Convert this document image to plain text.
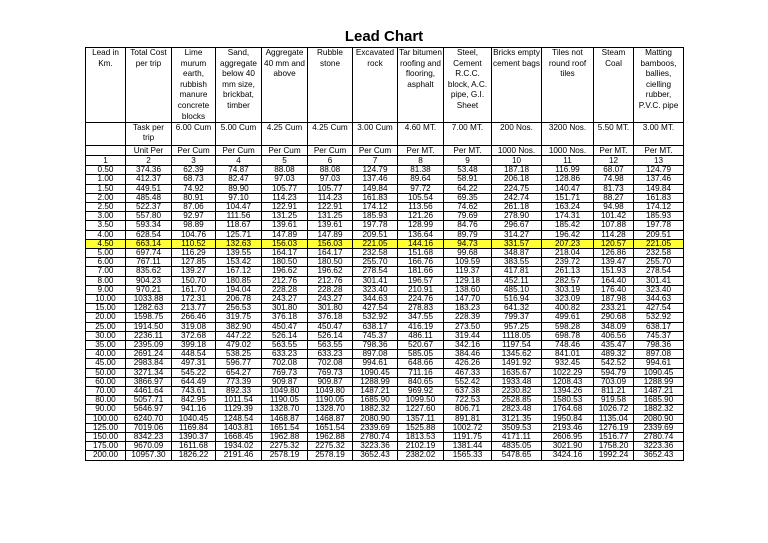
Lead Chart
Lead in Km.	Total Cost per trip	Lime murum earth, rubbish manure concrete blocks	Sand, aggregate below 40 mm size, brickbat, timber	Aggregate 40 mm and above	Rubble stone	Excavated rock	Tar bitumen roofing and flooring, asphalt	Steel, Cement R.C.C. block, A.C. pipe, G.I. Sheet	Bricks empty cement bags	Tiles not round roof tiles	Steam Coal	Matting bamboos, ballies, cielling rubber, P.V.C. pipe
	Task per trip	6.00 Cum	5.00 Cum	4.25 Cum	4.25 Cum	3.00 Cum	4.60 MT.	7.00 MT.	200 Nos.	3200 Nos.	5.50 MT.	3.00 MT.
	Unit Per	Per Cum	Per Cum	Per Cum	Per Cum	Per Cum	Per MT.	Per MT.	1000 Nos.	1000 Nos.	Per MT.	Per MT.
1	2	3	4	5	6	7	8	9	10	11	12	13
0.50	374.36	62.39	74.87	88.08	88.08	124.79	81.38	53.48	187.18	116.99	68.07	124.79
1.00	412.37	68.73	82.47	97.03	97.03	137.46	89.64	58.91	206.18	128.86	74.98	137.46
1.50	449.51	74.92	89.90	105.77	105.77	149.84	97.72	64.22	224.75	140.47	81.73	149.84
2.00	485.48	80.91	97.10	114.23	114.23	161.83	105.54	69.35	242.74	151.71	88.27	161.83
2.50	522.37	87.06	104.47	122.91	122.91	174.12	113.56	74.62	261.18	163.24	94.98	174.12
3.00	557.80	92.97	111.56	131.25	131.25	185.93	121.26	79.69	278.90	174.31	101.42	185.93
3.50	593.34	98.89	118.67	139.61	139.61	197.78	128.99	84.76	296.67	185.42	107.88	197.78
4.00	628.54	104.76	125.71	147.89	147.89	209.51	136.64	89.79	314.27	196.42	114.28	209.51
4.50	663.14	110.52	132.63	156.03	156.03	221.05	144.16	94.73	331.57	207.23	120.57	221.05
5.00	697.74	116.29	139.55	164.17	164.17	232.58	151.68	99.68	348.87	218.04	126.86	232.58
6.00	767.11	127.85	153.42	180.50	180.50	255.70	166.76	109.59	383.55	239.72	139.47	255.70
7.00	835.62	139.27	167.12	196.62	196.62	278.54	181.66	119.37	417.81	261.13	151.93	278.54
8.00	904.23	150.70	180.85	212.76	212.76	301.41	196.57	129.18	452.11	282.57	164.40	301.41
9.00	970.21	161.70	194.04	228.28	228.28	323.40	210.91	138.60	485.10	303.19	176.40	323.40
10.00	1033.88	172.31	206.78	243.27	243.27	344.63	224.76	147.70	516.94	323.09	187.98	344.63
15.00	1282.63	213.77	256.53	301.80	301.80	427.54	278.83	183.23	641.32	400.82	233.21	427.54
20.00	1598.75	266.46	319.75	376.18	376.18	532.92	347.55	228.39	799.37	499.61	290.68	532.92
25.00	1914.50	319.08	382.90	450.47	450.47	638.17	416.19	273.50	957.25	598.28	348.09	638.17
30.00	2236.11	372.68	447.22	526.14	526.14	745.37	486.11	319.44	1118.05	698.78	406.56	745.37
35.00	2395.09	399.18	479.02	563.55	563.55	798.36	520.67	342.16	1197.54	748.46	435.47	798.36
40.00	2691.24	448.54	538.25	633.23	633.23	897.08	585.05	384.46	1345.62	841.01	489.32	897.08
45.00	2983.84	497.31	596.77	702.08	702.08	994.61	648.66	426.26	1491.92	932.45	542.52	994.61
50.00	3271.34	545.22	654.27	769.73	769.73	1090.45	711.16	467.33	1635.67	1022.29	594.79	1090.45
60.00	3866.97	644.49	773.39	909.87	909.87	1288.99	840.65	552.42	1933.48	1208.43	703.09	1288.99
70.00	4461.64	743.61	892.33	1049.80	1049.80	1487.21	969.92	637.38	2230.82	1394.26	811.21	1487.21
80.00	5057.71	842.95	1011.54	1190.05	1190.05	1685.90	1099.50	722.53	2528.85	1580.53	919.58	1685.90
90.00	5646.97	941.16	1129.39	1328.70	1328.70	1882.32	1227.60	806.71	2823.48	1764.68	1026.72	1882.32
100.00	6240.70	1040.45	1248.54	1468.87	1468.87	2080.90	1357.11	891.81	3121.35	1950.84	1135.04	2080.90
125.00	7019.06	1169.84	1403.81	1651.54	1651.54	2339.69	1525.88	1002.72	3509.53	2193.46	1276.19	2339.69
150.00	8342.23	1390.37	1668.45	1962.88	1962.88	2780.74	1813.53	1191.75	4171.11	2606.95	1516.77	2780.74
175.00	9670.09	1611.68	1934.02	2275.32	2275.32	3223.36	2102.19	1381.44	4835.05	3021.90	1758.20	3223.36
200.00	10957.30	1826.22	2191.46	2578.19	2578.19	3652.43	2382.02	1565.33	5478.65	3424.16	1992.24	3652.43
